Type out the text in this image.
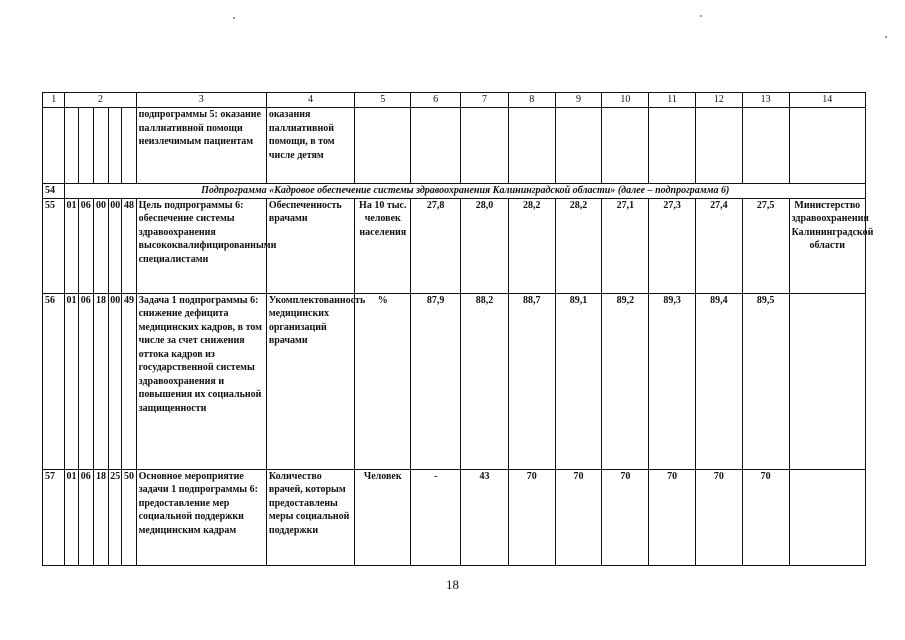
1	2					3	4	5	6	7	8	9	10	11	12	13	14
						подпрограммы 5: оказание паллиативной помощи неизлечимым пациентам	оказания паллиативной помощи, в том числе детям										
54	Подпрограмма «Кадровое обеспечение системы здравоохранения Калининградской области» (далее – подпрограмма 6)																
55	01	06	00	00	48	Цель подпрограммы 6: обеспечение системы здравоохранения высококвалифицированными специалистами	Обеспеченность врачами	На 10 тыс. человек населения	27,8	28,0	28,2	28,2	27,1	27,3	27,4	27,5	Министерство здравоохранения Калининградской области
56	01	06	18	00	49	Задача 1 подпрограммы 6: снижение дефицита медицинских кадров, в том числе за счет снижения оттока кадров из государственной системы здравоохранения и повышения их социальной защищенности	Укомплектованность медицинских организаций врачами	%	87,9	88,2	88,7	89,1	89,2	89,3	89,4	89,5	
57	01	06	18	25	50	Основное мероприятие задачи 1 подпрограммы 6: предоставление мер социальной поддержки медицинским кадрам	Количество врачей, которым предоставлены меры социальной поддержки	Человек	-	43	70	70	70	70	70	70	
18
